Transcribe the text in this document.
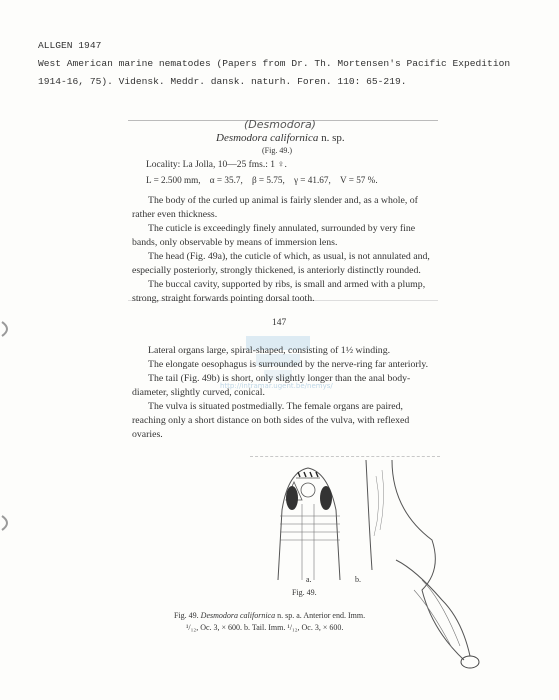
ALLGEN 1947
West American marine nematodes (Papers from Dr. Th. Mortensen's Pacific Expedition
1914-16, 75). Vidensk. Meddr. dansk. naturh. Foren. 110: 65-219.
(Desmodora)
Desmodora californica n. sp.
(Fig. 49.)
Locality: La Jolla, 10—25 fms.: 1 ♀.
L = 2.500 mm,    α = 35.7,    β = 5.75,    γ = 41.67,    V = 57 %.

The body of the curled up animal is fairly slender and, as a whole, of rather even thickness.

The cuticle is exceedingly finely annulated, surrounded by very fine bands, only observable by means of immersion lens.

The head (Fig. 49a), the cuticle of which, as usual, is not annulated and, especially posteriorly, strongly thickened, is anteriorly distinctly rounded.

The buccal cavity, supported by ribs, is small and armed with a plump, strong, straight forwards pointing dorsal tooth.

147

Lateral organs large, spiral-shaped, consisting of 1½ winding.

The elongate oesophagus is surrounded by the nerve-ring far anteriorly.

The tail (Fig. 49b) is short, only slightly longer than the anal body-diameter, slightly curved, conical.

The vulva is situated postmedially. The female organs are paired, reaching only a short distance on both sides of the vulva, with reflexed ovaries.

http://intramar.ugent.be/nemys/
a.	b.
Fig. 49.
Fig. 49. Desmodora californica n. sp. a. Anterior end. Imm.
¹/₁₂, Oc. 3, × 600. b. Tail. Imm. ¹/₁₂, Oc. 3, × 600.
